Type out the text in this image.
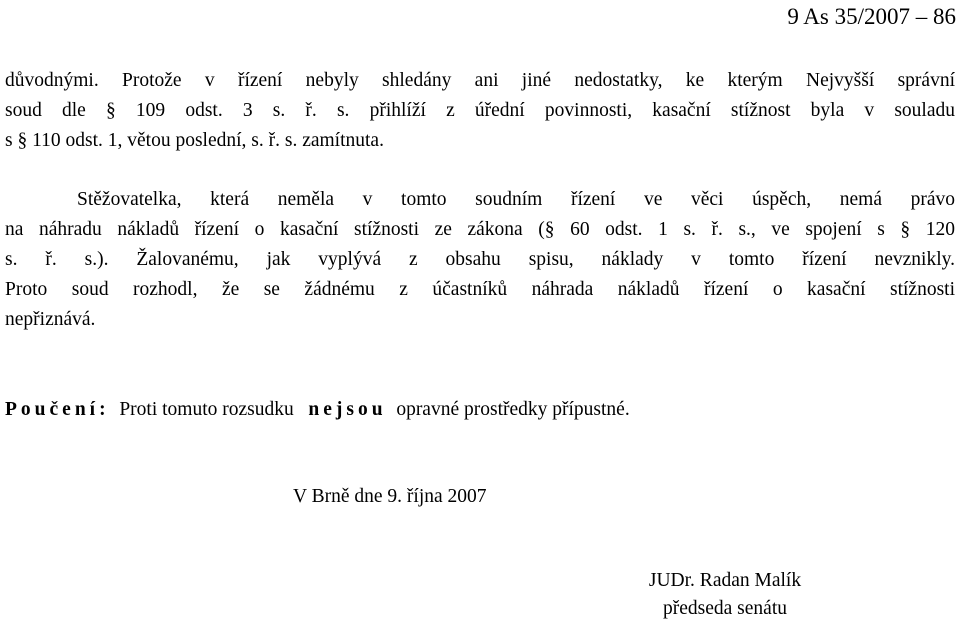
9 As 35/2007 – 86
důvodnými. Protože v řízení nebyly shledány ani jiné nedostatky, ke kterým Nejvyšší správní
soud dle § 109 odst. 3 s. ř. s. přihlíží z úřední povinnosti, kasační stížnost byla v souladu
s § 110 odst. 1, větou poslední, s. ř. s. zamítnuta.
Stěžovatelka, která neměla v tomto soudním řízení ve věci úspěch, nemá právo
na náhradu nákladů řízení o kasační stížnosti ze zákona (§ 60 odst. 1 s. ř. s., ve spojení s § 120
s. ř. s.). Žalovanému, jak vyplývá z obsahu spisu, náklady v tomto řízení nevznikly.
Proto soud rozhodl, že se žádnému z účastníků náhrada nákladů řízení o kasační stížnosti
nepřiznává.
Poučení: Proti tomuto rozsudku nejsou opravné prostředky přípustné.
V Brně dne 9. října 2007
JUDr. Radan Malík
předseda senátu
